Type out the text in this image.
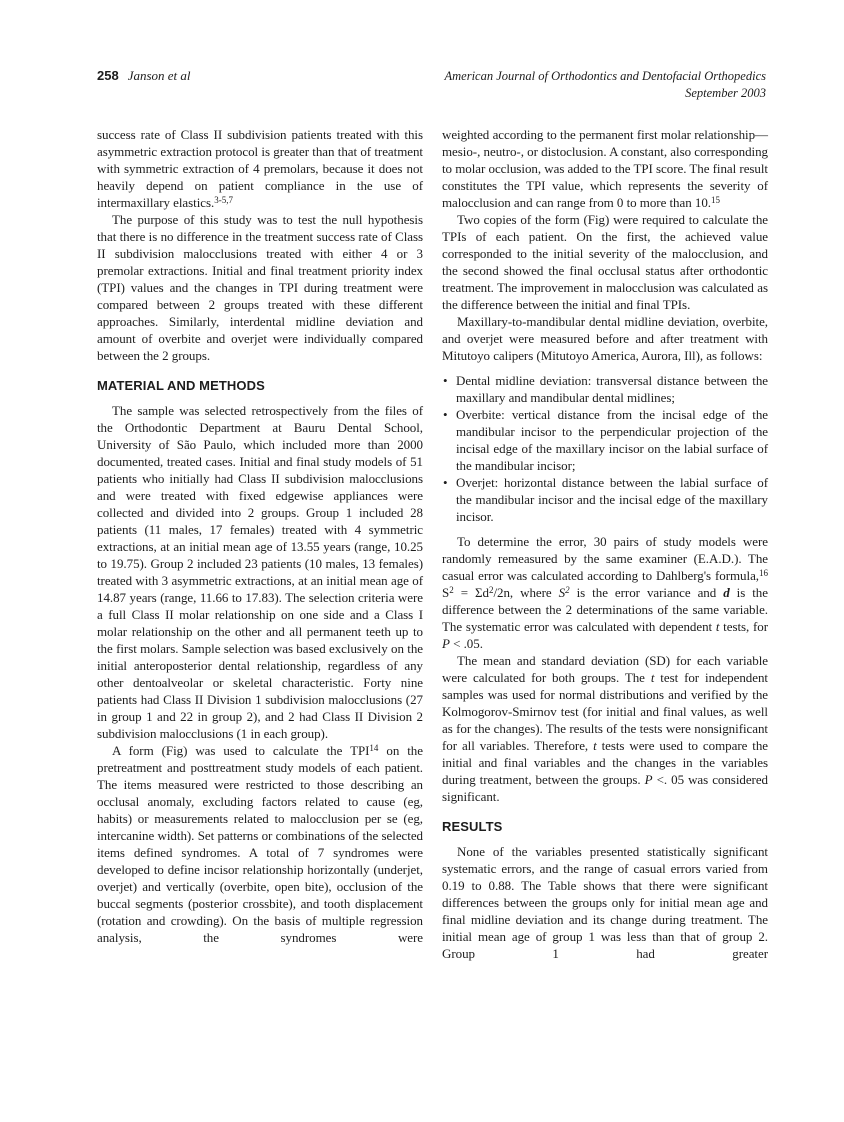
258 Janson et al	American Journal of Orthodontics and Dentofacial Orthopedics
September 2003

success rate of Class II subdivision patients treated with this asymmetric extraction protocol is greater than that of treatment with symmetric extraction of 4 premolars, because it does not heavily depend on patient compliance in the use of intermaxillary elastics.$^{3-5,7}$

The purpose of this study was to test the null hypothesis that there is no difference in the treatment success rate of Class II subdivision malocclusions treated with either 4 or 3 premolar extractions. Initial and final treatment priority index (TPI) values and the changes in TPI during treatment were compared between 2 groups treated with these different approaches. Similarly, interdental midline deviation and amount of overbite and overjet were individually compared between the 2 groups.

MATERIAL AND METHODS

The sample was selected retrospectively from the files of the Orthodontic Department at Bauru Dental School, University of São Paulo, which included more than 2000 documented, treated cases. Initial and final study models of 51 patients who initially had Class II subdivision malocclusions and were treated with fixed edgewise appliances were collected and divided into 2 groups. Group 1 included 28 patients (11 males, 17 females) treated with 4 symmetric extractions, at an initial mean age of 13.55 years (range, 10.25 to 19.75). Group 2 included 23 patients (10 males, 13 females) treated with 3 asymmetric extractions, at an initial mean age of 14.87 years (range, 11.66 to 17.83). The selection criteria were a full Class II molar relationship on one side and a Class I molar relationship on the other and all permanent teeth up to the first molars. Sample selection was based exclusively on the initial anteroposterior dental relationship, regardless of any other dentoalveolar or skeletal characteristic. Forty nine patients had Class II Division 1 subdivision malocclusions (27 in group 1 and 22 in group 2), and 2 had Class II Division 2 subdivision malocclusions (1 in each group).

A form (Fig) was used to calculate the TPI$^{14}$ on the pretreatment and posttreatment study models of each patient. The items measured were restricted to those describing an occlusal anomaly, excluding factors related to cause (eg, habits) or measurements related to malocclusion per se (eg, intercanine width). Set patterns or combinations of the selected items defined syndromes. A total of 7 syndromes were developed to define incisor relationship horizontally (underjet, overjet) and vertically (overbite, open bite), occlusion of the buccal segments (posterior crossbite), and tooth displacement (rotation and crowding). On the basis of multiple regression analysis, the syndromes were

weighted according to the permanent first molar relationship—mesio-, neutro-, or distoclusion. A constant, also corresponding to molar occlusion, was added to the TPI score. The final result constitutes the TPI value, which represents the severity of malocclusion and can range from 0 to more than 10.15

Two copies of the form (Fig) were required to calculate the TPIs of each patient. On the first, the achieved value corresponded to the initial severity of the malocclusion, and the second showed the final occlusal status after orthodontic treatment. The improvement in malocclusion was calculated as the difference between the initial and final TPIs.

Maxillary-to-mandibular dental midline deviation, overbite, and overjet were measured before and after treatment with Mitutoyo calipers (Mitutoyo America, Aurora, Ill), as follows:

• Dental midline deviation: transversal distance between the maxillary and mandibular dental midlines;
• Overbite: vertical distance from the incisal edge of the mandibular incisor to the perpendicular projection of the incisal edge of the maxillary incisor on the labial surface of the mandibular incisor;
• Overjet: horizontal distance between the labial surface of the mandibular incisor and the incisal edge of the maxillary incisor.

To determine the error, 30 pairs of study models were randomly remeasured by the same examiner (E.A.D.). The casual error was calculated according to Dahlberg's formula,$^{16}$ $S^2 = \Sigma d^2/2n$, where $S^2$ is the error variance and d is the difference between the 2 determinations of the same variable. The systematic error was calculated with dependent t tests, for P < .05.

The mean and standard deviation (SD) for each variable were calculated for both groups. The t test for independent samples was used for normal distributions and verified by the Kolmogorov-Smirnov test (for initial and final values, as well as for the changes). The results of the tests were nonsignificant for all variables. Therefore, t tests were used to compare the initial and final variables and the changes in the variables during treatment, between the groups. P <. 05 was considered significant.

RESULTS

None of the variables presented statistically significant systematic errors, and the range of casual errors varied from 0.19 to 0.88. The Table shows that there were significant differences between the groups only for initial mean age and final midline deviation and its change during treatment. The initial mean age of group 1 was less than that of group 2. Group 1 had greater
